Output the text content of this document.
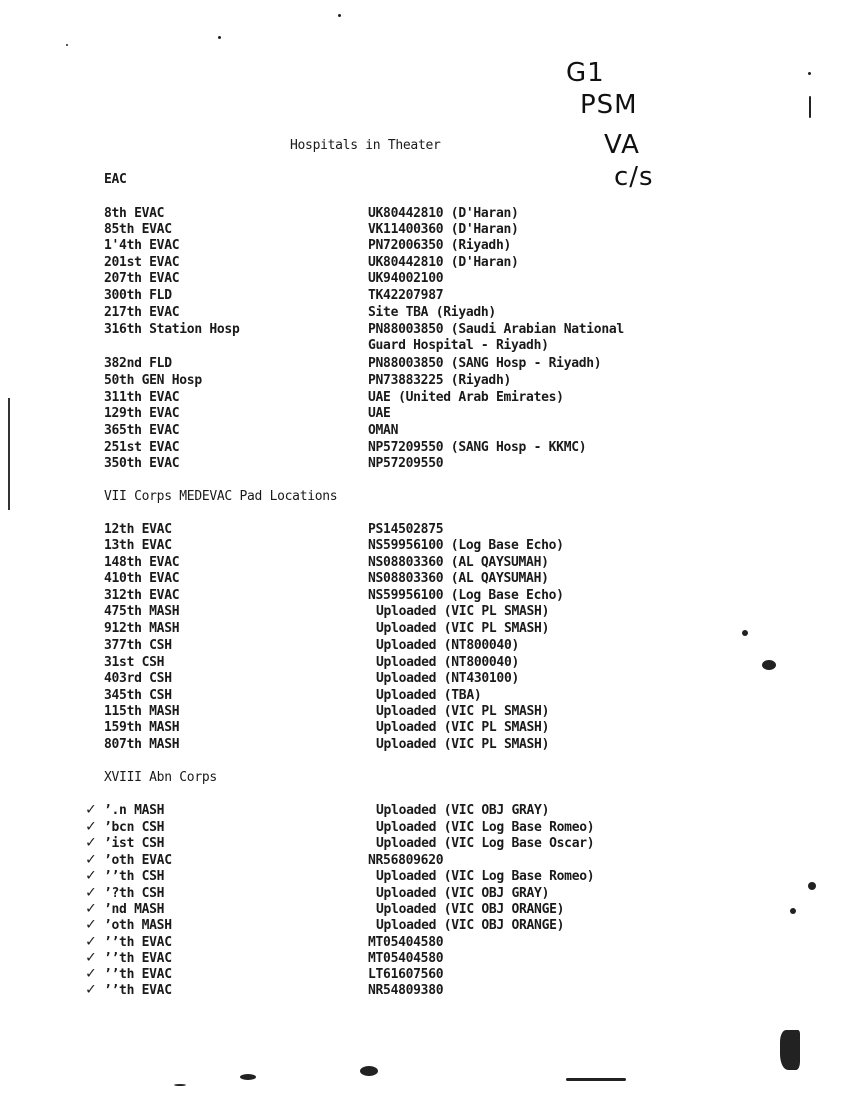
G1
PSM
VA
c/s
Hospitals in Theater
EAC
8th EVAC	UK80442810 (D'Haran)
85th EVAC	VK11400360 (D'Haran)
1'4th EVAC	PN72006350 (Riyadh)
201st EVAC	UK80442810 (D'Haran)
207th EVAC	UK94002100
300th FLD	TK42207987
217th EVAC	Site TBA (Riyadh)
316th Station Hosp	PN88003850 (Saudi Arabian National
Guard Hospital - Riyadh)
382nd FLD	PN88003850 (SANG Hosp - Riyadh)
50th GEN Hosp	PN73883225 (Riyadh)
311th EVAC	UAE (United Arab Emirates)
129th EVAC	UAE
365th EVAC	OMAN
251st EVAC	NP57209550 (SANG Hosp - KKMC)
350th EVAC	NP57209550
VII Corps MEDEVAC Pad Locations
12th EVAC	PS14502875
13th EVAC	NS59956100 (Log Base Echo)
148th EVAC	NS08803360 (AL QAYSUMAH)
410th EVAC	NS08803360 (AL QAYSUMAH)
312th EVAC	NS59956100 (Log Base Echo)
475th MASH	Uploaded (VIC PL SMASH)
912th MASH	Uploaded (VIC PL SMASH)
377th CSH	Uploaded (NT800040)
31st CSH	Uploaded (NT800040)
403rd CSH	Uploaded (NT430100)
345th CSH	Uploaded (TBA)
115th MASH	Uploaded (VIC PL SMASH)
159th MASH	Uploaded (VIC PL SMASH)
807th MASH	Uploaded (VIC PL SMASH)
XVIII Abn Corps
✓ ’.n MASH	Uploaded (VIC OBJ GRAY)
✓ ’bcn CSH	Uploaded (VIC Log Base Romeo)
✓ ’ist CSH	Uploaded (VIC Log Base Oscar)
✓ ’oth EVAC	NR56809620
✓ ’’th CSH	Uploaded (VIC Log Base Romeo)
✓ ’?th CSH	Uploaded (VIC OBJ GRAY)
✓ ’nd MASH	Uploaded (VIC OBJ ORANGE)
✓ ’oth MASH	Uploaded (VIC OBJ ORANGE)
✓ ’’th EVAC	MT05404580
✓ ’’th EVAC	MT05404580
✓ ’’th EVAC	LT61607560
✓ ’’th EVAC	NR54809380
